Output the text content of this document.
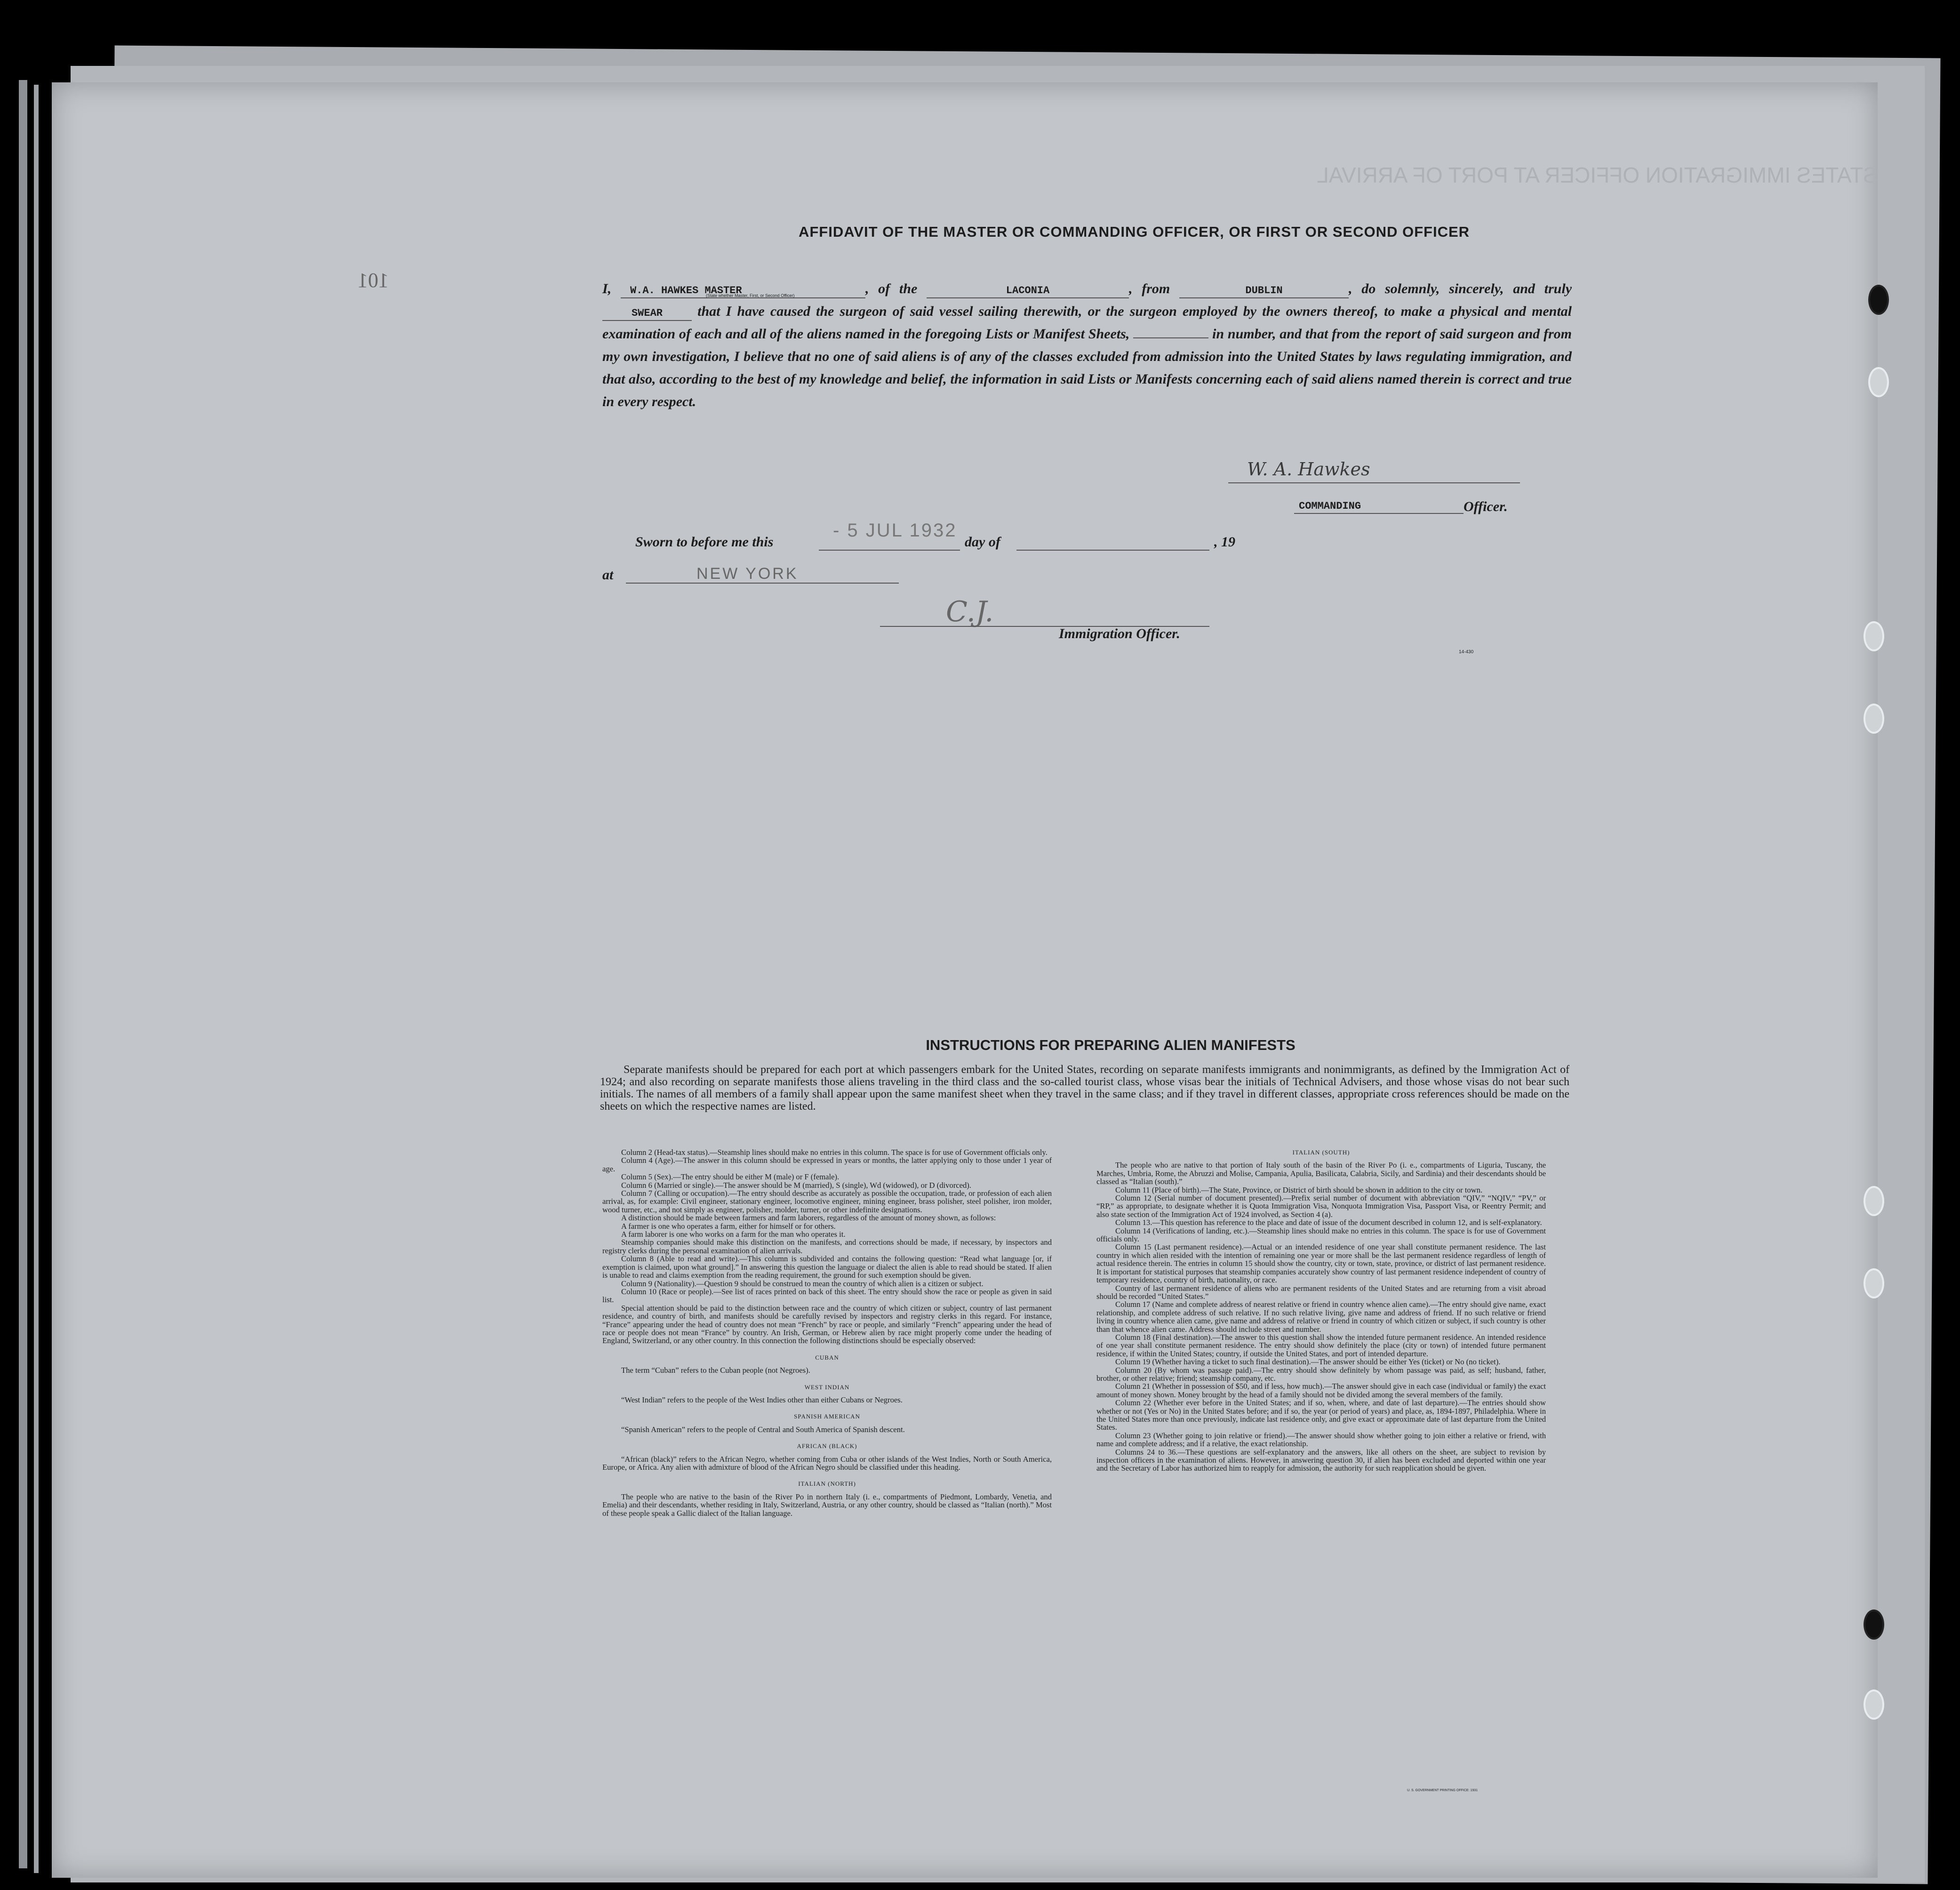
101
STATES IMMIGRATION OFFICER AT PORT OF ARRIVAL
AFFIDAVIT OF THE MASTER OR COMMANDING OFFICER, OR FIRST OR SECOND OFFICER
I, W.A. HAWKES MASTER	, of the	LACONIA	, from	DUBLIN	, do solemnly, sincerely, and truly SWEAR that I have caused the surgeon of said vessel sailing therewith, or the surgeon employed by the owners thereof, to make a physical and mental examination of each and all of the aliens named in the foregoing Lists or Manifest Sheets,	in number, and that from the report of said surgeon and from my own investigation, I believe that no one of said aliens is of any of the classes excluded from admission into the United States by laws regulating immigration, and that also, according to the best of my knowledge and belief, the information in said Lists or Manifests concerning each of said aliens named therein is correct and true in every respect.
(State whether Master, First, or Second Officer)
W. A. Hawkes
COMMANDING	Officer.
Sworn to before me this
- 5 JUL 1932
day of	, 19
at	NEW YORK
C.J.
Immigration Officer.
14-430
INSTRUCTIONS FOR PREPARING ALIEN MANIFESTS
Separate manifests should be prepared for each port at which passengers embark for the United States, recording on separate manifests immigrants and nonimmigrants, as defined by the Immigration Act of 1924; and also recording on separate manifests those aliens traveling in the third class and the so-called tourist class, whose visas bear the initials of Technical Advisers, and those whose visas do not bear such initials. The names of all members of a family shall appear upon the same manifest sheet when they travel in the same class; and if they travel in different classes, appropriate cross references should be made on the sheets on which the respective names are listed.

Column 2 (Head-tax status).—Steamship lines should make no entries in this column. The space is for use of Government officials only.

Column 4 (Age).—The answer in this column should be expressed in years or months, the latter applying only to those under 1 year of age.

Column 5 (Sex).—The entry should be either M (male) or F (female).

Column 6 (Married or single).—The answer should be M (married), S (single), Wd (widowed), or D (divorced).

Column 7 (Calling or occupation).—The entry should describe as accurately as possible the occupation, trade, or profession of each alien arrival, as, for example: Civil engineer, stationary engineer, locomotive engineer, mining engineer, brass polisher, steel polisher, iron molder, wood turner, etc., and not simply as engineer, polisher, molder, turner, or other indefinite designations.

A distinction should be made between farmers and farm laborers, regardless of the amount of money shown, as follows:

A farmer is one who operates a farm, either for himself or for others.

A farm laborer is one who works on a farm for the man who operates it.

Steamship companies should make this distinction on the manifests, and corrections should be made, if necessary, by inspectors and registry clerks during the personal examination of alien arrivals.

Column 8 (Able to read and write).—This column is subdivided and contains the following question: “Read what language [or, if exemption is claimed, upon what ground].” In answering this question the language or dialect the alien is able to read should be stated. If alien is unable to read and claims exemption from the reading requirement, the ground for such exemption should be given.

Column 9 (Nationality).—Question 9 should be construed to mean the country of which alien is a citizen or subject.

Column 10 (Race or people).—See list of races printed on back of this sheet. The entry should show the race or people as given in said list.

Special attention should be paid to the distinction between race and the country of which citizen or subject, country of last permanent residence, and country of birth, and manifests should be carefully revised by inspectors and registry clerks in this regard. For instance, “France” appearing under the head of country does not mean “French” by race or people, and similarly “French” appearing under the head of race or people does not mean “France” by country. An Irish, German, or Hebrew alien by race might properly come under the heading of England, Switzerland, or any other country. In this connection the following distinctions should be especially observed:

CUBAN

The term “Cuban” refers to the Cuban people (not Negroes).

WEST INDIAN

“West Indian” refers to the people of the West Indies other than either Cubans or Negroes.

SPANISH AMERICAN

“Spanish American” refers to the people of Central and South America of Spanish descent.

AFRICAN (BLACK)

“African (black)” refers to the African Negro, whether coming from Cuba or other islands of the West Indies, North or South America, Europe, or Africa. Any alien with admixture of blood of the African Negro should be classified under this heading.

ITALIAN (NORTH)

The people who are native to the basin of the River Po in northern Italy (i. e., compartments of Piedmont, Lombardy, Venetia, and Emelia) and their descendants, whether residing in Italy, Switzerland, Austria, or any other country, should be classed as “Italian (north).” Most of these people speak a Gallic dialect of the Italian language.

ITALIAN (SOUTH)

The people who are native to that portion of Italy south of the basin of the River Po (i. e., compartments of Liguria, Tuscany, the Marches, Umbria, Rome, the Abruzzi and Molise, Campania, Apulia, Basilicata, Calabria, Sicily, and Sardinia) and their descendants should be classed as “Italian (south).”

Column 11 (Place of birth).—The State, Province, or District of birth should be shown in addition to the city or town.

Column 12 (Serial number of document presented).—Prefix serial number of document with abbreviation “QIV,” “NQIV,” “PV,” or “RP,” as appropriate, to designate whether it is Quota Immigration Visa, Nonquota Immigration Visa, Passport Visa, or Reentry Permit; and also state section of the Immigration Act of 1924 involved, as Section 4 (a).

Column 13.—This question has reference to the place and date of issue of the document described in column 12, and is self-explanatory.

Column 14 (Verifications of landing, etc.).—Steamship lines should make no entries in this column. The space is for use of Government officials only.

Column 15 (Last permanent residence).—Actual or an intended residence of one year shall constitute permanent residence. The last country in which alien resided with the intention of remaining one year or more shall be the last permanent residence regardless of length of actual residence therein. The entries in column 15 should show the country, city or town, state, province, or district of last permanent residence. It is important for statistical purposes that steamship companies accurately show country of last permanent residence independent of country of temporary residence, country of birth, nationality, or race.

Country of last permanent residence of aliens who are permanent residents of the United States and are returning from a visit abroad should be recorded “United States.”

Column 17 (Name and complete address of nearest relative or friend in country whence alien came).—The entry should give name, exact relationship, and complete address of such relative. If no such relative living, give name and address of friend. If no such relative or friend living in country whence alien came, give name and address of relative or friend in country of which citizen or subject, if such country is other than that whence alien came. Address should include street and number.

Column 18 (Final destination).—The answer to this question shall show the intended future permanent residence. An intended residence of one year shall constitute permanent residence. The entry should show definitely the place (city or town) of intended future permanent residence, if within the United States; country, if outside the United States, and port of intended departure.

Column 19 (Whether having a ticket to such final destination).—The answer should be either Yes (ticket) or No (no ticket).

Column 20 (By whom was passage paid).—The entry should show definitely by whom passage was paid, as self; husband, father, brother, or other relative; friend; steamship company, etc.

Column 21 (Whether in possession of $50, and if less, how much).—The answer should give in each case (individual or family) the exact amount of money shown. Money brought by the head of a family should not be divided among the several members of the family.

Column 22 (Whether ever before in the United States; and if so, when, where, and date of last departure).—The entries should show whether or not (Yes or No) in the United States before; and if so, the year (or period of years) and place, as, 1894-1897, Philadelphia. Where in the United States more than once previously, indicate last residence only, and give exact or approximate date of last departure from the United States.

Column 23 (Whether going to join relative or friend).—The answer should show whether going to join either a relative or friend, with name and complete address; and if a relative, the exact relationship.

Columns 24 to 36.—These questions are self-explanatory and the answers, like all others on the sheet, are subject to revision by inspection officers in the examination of aliens. However, in answering question 30, if alien has been excluded and deported within one year and the Secretary of Labor has authorized him to reapply for admission, the authority for such reapplication should be given.

U. S. GOVERNMENT PRINTING OFFICE: 1931
